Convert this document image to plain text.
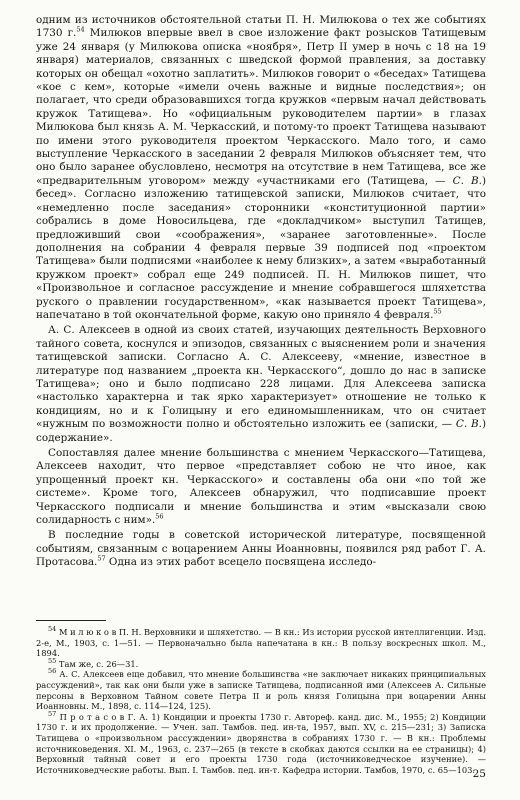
одним из источников обстоятельной статьи П. Н. Милюкова о тех же событиях 1730 г.$^{54}$ Милюков впервые ввел в свое изложение факт розысков Татищевым уже 24 января (у Милюкова описка «ноября», Петр II умер в ночь с 18 на 19 января) материалов, связанных с шведской формой правления, за доставку которых он обещал «охотно заплатить». Милюков говорит о «беседах» Татищева «кое с кем», которые «имели очень важные и видные последствия»; он полагает, что среди образовавшихся тогда кружков «первым начал действовать кружок Татищева». Но «официальным руководителем партии» в глазах Милюкова был князь А. М. Черкасский, и потому-то проект Татищева называют по имени этого руководителя проектом Черкасского. Мало того, и само выступление Черкасского в заседании 2 февраля Милюков объясняет тем, что оно было заранее обусловлено, несмотря на отсутствие в нем Татищева, все же «предварительным уговором» между «участниками его (Татищева, — С. В.) бесед». Согласно изложению татищевской записки, Милюков считает, что «немедленно после заседания» сторонники «конституционной партии» собрались в доме Новосильцева, где «докладчиком» выступил Татищев, предложивший свои «соображения», «заранее заготовленные». После дополнения на собрании 4 февраля первые 39 подписей под «проектом Татищева» были подписями «наиболее к нему близких», а затем «выработанный кружком проект» собрал еще 249 подписей. П. Н. Милюков пишет, что «Произвольное и согласное рассуждение и мнение собравшегося шляхетства руского о правлении государственном», «как называется проект Татищева», напечатано в той окончательной форме, какую оно приняло 4 февраля.$^{55}$

А. С. Алексеев в одной из своих статей, изучающих деятельность Верховного тайного совета, коснулся и эпизодов, связанных с выяснением роли и значения татищевской записки. Согласно А. С. Алексееву, «мнение, известное в литературе под названием „проекта кн. Черкасского“, дошло до нас в записке Татищева»; оно и было подписано 228 лицами. Для Алексеева записка «настолько характерна и так ярко характеризует» отношение не только к кондициям, но и к Голицыну и его единомышленникам, что он считает «нужным по возможности полно и обстоятельно изложить ее (записки, — С. В.) содержание».

Сопоставляя далее мнение большинства с мнением Черкасского—Татищева, Алексеев находит, что первое «представляет собою не что иное, как упрощенный проект кн. Черкасского» и составлены оба они «по той же системе». Кроме того, Алексеев обнаружил, что подписавшие проект Черкасского подписали и мнение большинства и этим «высказали свою солидарность с ним».$^{56}$

В последние годы в советской исторической литературе, посвященной событиям, связанным с воцарением Анны Иоанновны, появился ряд работ Г. А. Протасова.$^{57}$ Одна из этих работ всецело посвящена исследо-

$^{54}$ М и л ю к о в П. Н. Верховники и шляхетство. — В кн.: Из истории русской интеллигенции. Изд. 2-е, М., 1903, с. 1—51. — Первоначально была напечатана в кн.: В пользу воскресных школ. М., 1894.

$^{55}$ Там же, с. 26—31.

$^{56}$ А. С. Алексеев еще добавил, что мнение большинства «не заключает никаких принципиальных рассуждений», так как они были уже в записке Татищева, подписанной ими (Алексеев А. Сильные персоны в Верховном Тайном совете Петра II и роль князя Голицына при воцарении Анны Иоанновны. М., 1898, с. 114—124, 125).

$^{57}$ П р о т а с о в Г. А. 1) Кондиции и проекты 1730 г. Автореф. канд. дис. М., 1955; 2) Кондиции 1730 г. и их продолжение. — Учен. зап. Тамбов. пед. ин-та, 1957, вып. XV, с. 215—231; 3) Записка Татищева о «произвольном рассуждении» дворянства в собраниях 1730 г. — В кн.: Проблемы источниковедения. XI. М., 1963, с. 237—265 (в тексте в скобках даются ссылки на ее страницы); 4) Верховный тайный совет и его проекты 1730 года (источниковедческое изучение). — Источниковедческие работы. Вып. I. Тамбов. пед. ин-т. Кафедра истории. Тамбов, 1970, с. 65—103.

25
